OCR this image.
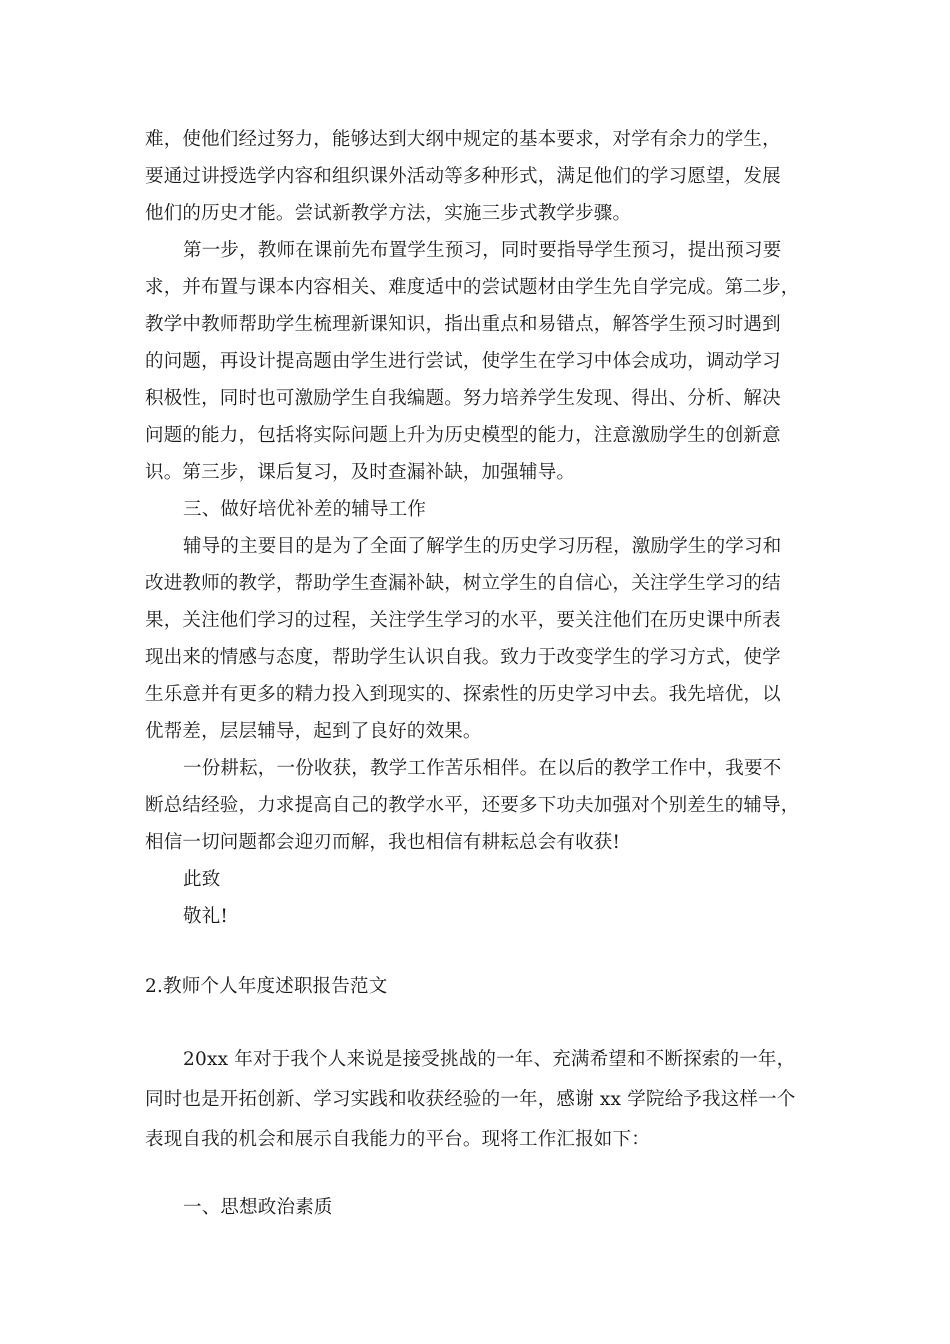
难，使他们经过努力，能够达到大纲中规定的基本要求，对学有余力的学生，
要通过讲授选学内容和组织课外活动等多种形式，满足他们的学习愿望，发展
他们的历史才能。尝试新教学方法，实施三步式教学步骤。
第一步，教师在课前先布置学生预习，同时要指导学生预习，提出预习要
求，并布置与课本内容相关、难度适中的尝试题材由学生先自学完成。第二步，
教学中教师帮助学生梳理新课知识，指出重点和易错点，解答学生预习时遇到
的问题，再设计提高题由学生进行尝试，使学生在学习中体会成功，调动学习
积极性，同时也可激励学生自我编题。努力培养学生发现、得出、分析、解决
问题的能力，包括将实际问题上升为历史模型的能力，注意激励学生的创新意
识。第三步，课后复习，及时查漏补缺，加强辅导。
三、做好培优补差的辅导工作
辅导的主要目的是为了全面了解学生的历史学习历程，激励学生的学习和
改进教师的教学，帮助学生查漏补缺，树立学生的自信心，关注学生学习的结
果，关注他们学习的过程，关注学生学习的水平，要关注他们在历史课中所表
现出来的情感与态度，帮助学生认识自我。致力于改变学生的学习方式，使学
生乐意并有更多的精力投入到现实的、探索性的历史学习中去。我先培优，以
优帮差，层层辅导，起到了良好的效果。
一份耕耘，一份收获，教学工作苦乐相伴。在以后的教学工作中，我要不
断总结经验，力求提高自己的教学水平，还要多下功夫加强对个别差生的辅导，
相信一切问题都会迎刃而解，我也相信有耕耘总会有收获!
此致
敬礼!
2.教师个人年度述职报告范文
20xx 年对于我个人来说是接受挑战的一年、充满希望和不断探索的一年，
同时也是开拓创新、学习实践和收获经验的一年，感谢 xx 学院给予我这样一个
表现自我的机会和展示自我能力的平台。现将工作汇报如下：
一、思想政治素质
